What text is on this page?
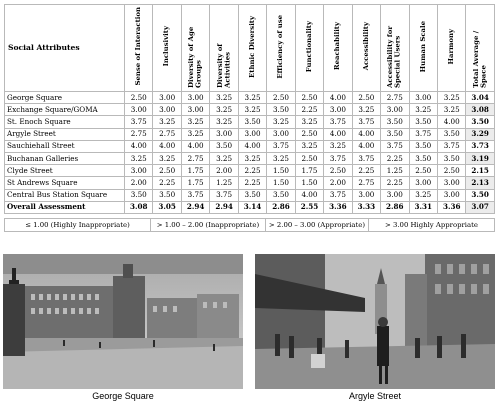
Social Attributes	Sense of Interaction	Inclusivity	Diversity of Age Groups	Diversity of Activities	Ethnic Diversity	Efficiency of use	Functionality	Reachability	Accessibility	Accessibility for Special Users	Human Scale	Harmony	Total Average / Space
George Square	2.50	3.00	3.00	3.25	3.25	2.50	2.50	4.00	2.50	2.75	3.00	3.25	3.04
Exchange Square/GOMA	3.00	3.00	3.00	3.25	3.25	3.50	2.25	3.00	3.25	3.00	3.25	3.25	3.08
St. Enoch Square	3.75	3.25	3.25	3.25	3.50	3.25	3.25	3.75	3.75	3.50	3.50	4.00	3.50
Argyle Street	2.75	2.75	3.25	3.00	3.00	3.00	2.50	4.00	4.00	3.50	3.75	3.50	3.29
Sauchiehall Street	4.00	4.00	4.00	3.50	4.00	3.75	3.25	3.25	4.00	3.75	3.50	3.75	3.73
Buchanan Galleries	3.25	3.25	2.75	3.25	3.25	3.25	2.50	3.75	3.75	2.25	3.50	3.50	3.19
Clyde Street	3.00	2.50	1.75	2.00	2.25	1.50	1.75	2.50	2.25	1.25	2.50	2.50	2.15
St Andrews Square	2.00	2.25	1.75	1.25	2.25	1.50	1.50	2.00	2.75	2.25	3.00	3.00	2.13
Central Bus Station Square	3.50	3.50	3.75	3.75	3.50	3.50	4.00	3.75	3.00	3.00	3.25	3.00	3.50
Overall Assessment	3.08	3.05	2.94	2.94	3.14	2.86	2.55	3.36	3.33	2.86	3.31	3.36	3.07
≤ 1.00 (Highly Inappropriate)	> 1.00 – 2.00 (Inappropriate)	> 2.00 – 3.00 (Appropriate)	> 3.00 Highly Appropriate
George Square	Argyle Street
